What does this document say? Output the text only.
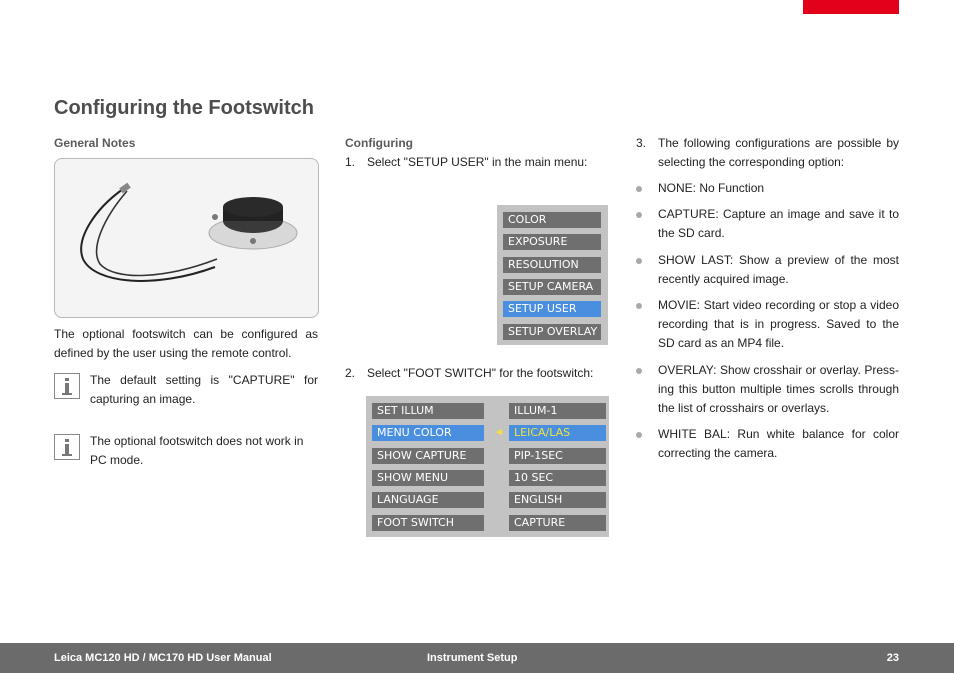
Configuring the Footswitch

General Notes

The optional footswitch can be configured as defined by the user using the remote control.
The default setting is "CAPTURE" for capturing an image.
The optional footswitch does not work in PC mode.

Configuring

1. Select "SETUP USER" in the main menu:
COLOR
EXPOSURE
RESOLUTION
SETUP CAMERA
SETUP USER
SETUP OVERLAY
2. Select "FOOT SWITCH" for the footswitch:
SET ILLUM
MENU COLOR
SHOW CAPTURE
SHOW MENU
LANGUAGE
FOOT SWITCH
◄
ILLUM-1
LEICA/LAS
PIP-1SEC
10 SEC
ENGLISH
CAPTURE
3. The following configurations are possible by selecting the corresponding option:
NONE: No Function
CAPTURE: Capture an image and save it to the SD card.
SHOW LAST: Show a preview of the most recently acquired image.
MOVIE: Start video recording or stop a video recording that is in progress. Saved to the SD card as an MP4 file.
OVERLAY: Show crosshair or overlay. Press-ing this button multiple times scrolls through the list of crosshairs or overlays.
WHITE BAL: Run white balance for color correcting the camera.
Leica MC120 HD / MC170 HD User Manual	Instrument Setup	23
